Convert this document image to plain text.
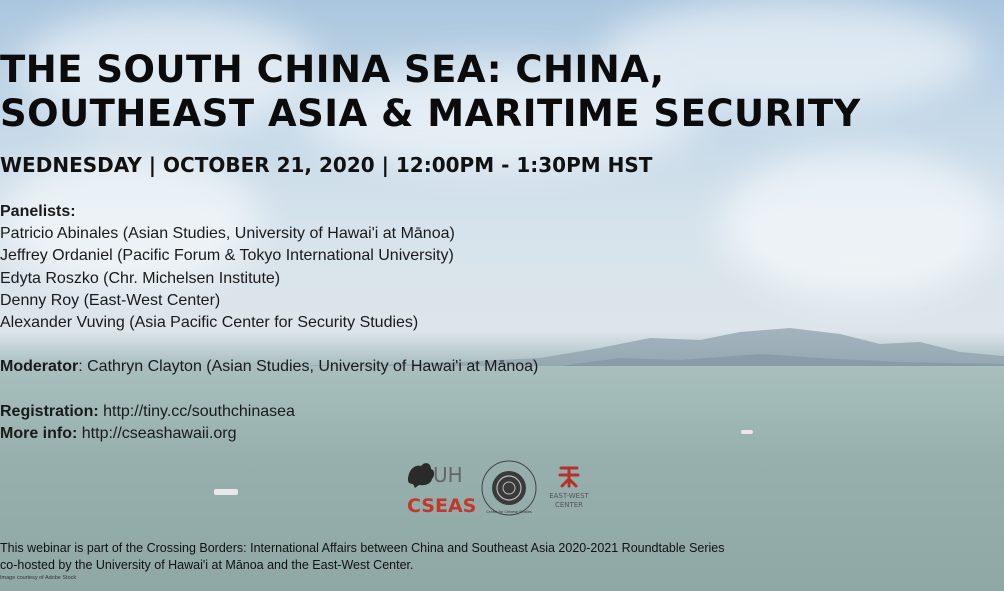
THE SOUTH CHINA SEA: CHINA,
SOUTHEAST ASIA & MARITIME SECURITY
WEDNESDAY | OCTOBER 21, 2020 | 12:00PM - 1:30PM HST
Panelists:
Patricio Abinales (Asian Studies, University of Hawai'i at Mānoa)
Jeffrey Ordaniel (Pacific Forum & Tokyo International University)
Edyta Roszko (Chr. Michelsen Institute)
Denny Roy (East-West Center)
Alexander Vuving (Asia Pacific Center for Security Studies)
Moderator: Cathryn Clayton (Asian Studies, University of Hawai'i at Mānoa)
Registration: http://tiny.cc/southchinasea
More info: http://cseashawaii.org
UH
CSEAS	Center for Chinese Studies
EAST-WEST
CENTER
This webinar is part of the Crossing Borders: International Affairs between China and Southeast Asia 2020-2021 Roundtable Series
co-hosted by the University of Hawai'i at Mānoa and the East-West Center.
Image courtesy of Adobe Stock
